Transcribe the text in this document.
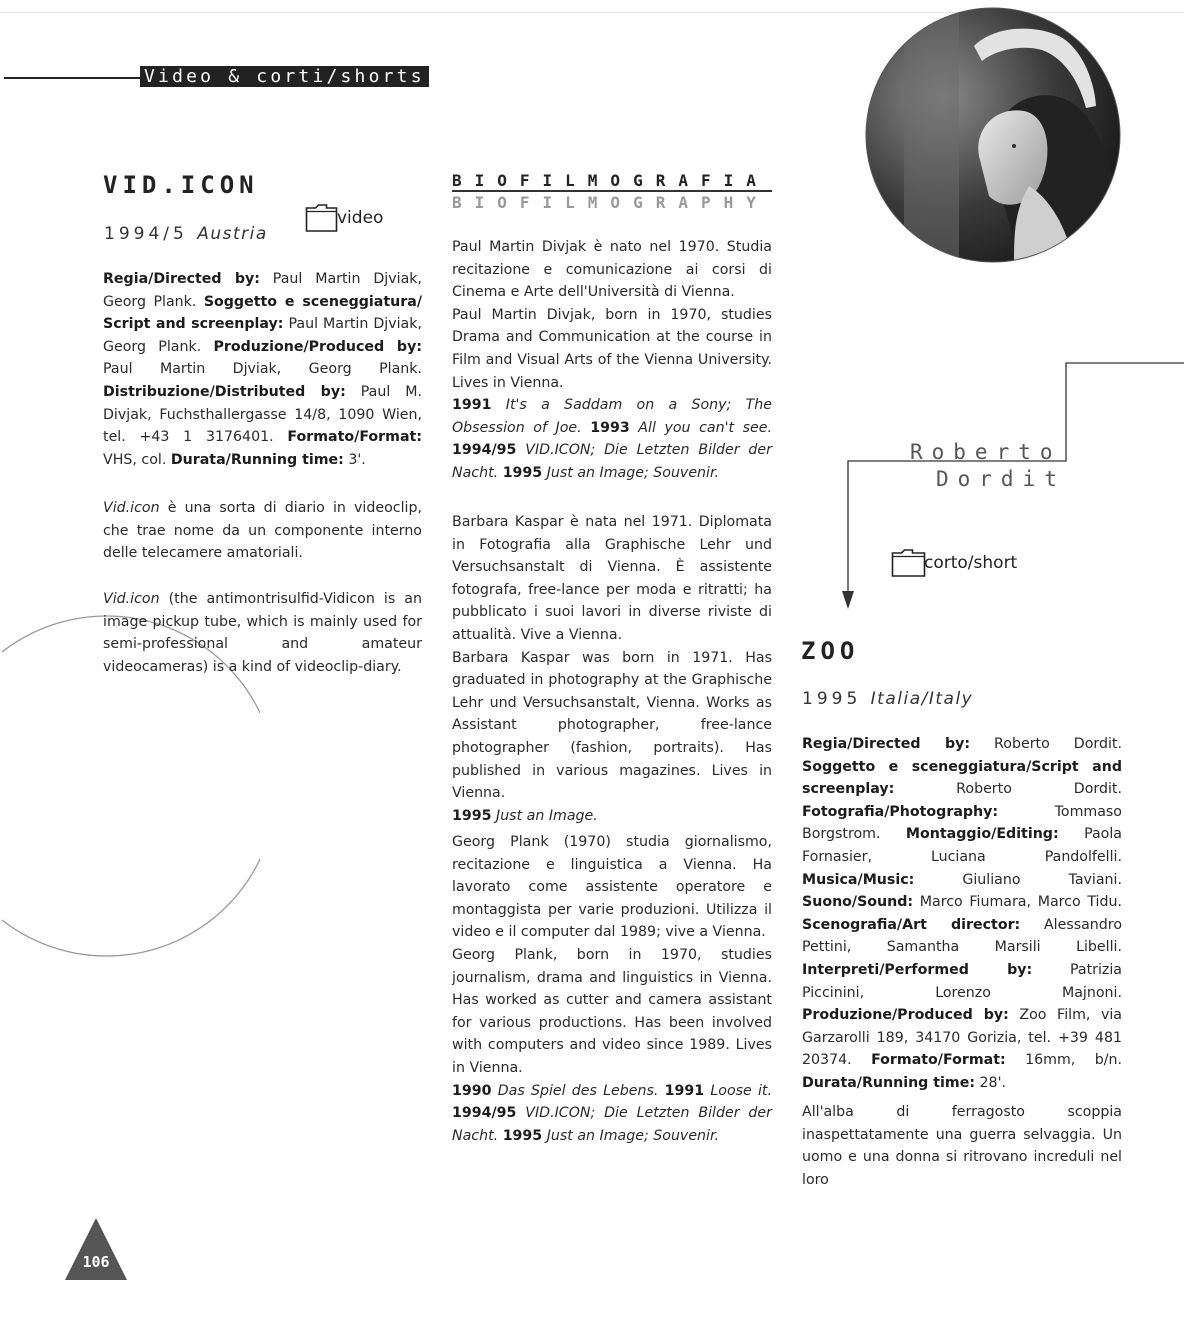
Video & corti/shorts
VID.ICON
1994/5 Austria
video

Regia/Directed by: Paul Martin Djviak, Georg Plank. Soggetto e sceneggiatura/ Script and screenplay: Paul Martin Djviak, Georg Plank. Produzione/Produced by: Paul Martin Djviak, Georg Plank. Distribuzione/Distributed by: Paul M. Divjak, Fuchsthallergasse 14/8, 1090 Wien, tel. +43 1 3176401. Formato/Format: VHS, col. Durata/Running time: 3'.

Vid.icon è una sorta di diario in videoclip, che trae nome da un componente interno delle telecamere amatoriali.
Vid.icon (the antimontrisulfid-Vidicon is an image pickup tube, which is mainly used for semi-professional and amateur videocameras) is a kind of videoclip-diary.
BIOFILMOGRAFIA
BIOFILMOGRAPHY

Paul Martin Divjak è nato nel 1970. Studia recitazione e comunicazione ai corsi di Cinema e Arte dell'Università di Vienna.

Paul Martin Divjak, born in 1970, studies Drama and Communication at the course in Film and Visual Arts of the Vienna University. Lives in Vienna.

1991 It's a Saddam on a Sony; The Obsession of Joe. 1993 All you can't see. 1994/95 VID.ICON; Die Letzten Bilder der Nacht. 1995 Just an Image; Souvenir.

Barbara Kaspar è nata nel 1971. Diplomata in Fotografia alla Graphische Lehr und Versuchsanstalt di Vienna. È assistente fotografa, free-lance per moda e ritratti; ha pubblicato i suoi lavori in diverse riviste di attualità. Vive a Vienna.

Barbara Kaspar was born in 1971. Has graduated in photography at the Graphische Lehr und Versuchsanstalt, Vienna. Works as Assistant photographer, free-lance photographer (fashion, portraits). Has published in various magazines. Lives in Vienna.

1995 Just an Image.

Georg Plank (1970) studia giornalismo, recitazione e linguistica a Vienna. Ha lavorato come assistente operatore e montaggista per varie produzioni. Utilizza il video e il computer dal 1989; vive a Vienna.

Georg Plank, born in 1970, studies journalism, drama and linguistics in Vienna. Has worked as cutter and camera assistant for various productions. Has been involved with computers and video since 1989. Lives in Vienna.

1990 Das Spiel des Lebens. 1991 Loose it. 1994/95 VID.ICON; Die Letzten Bilder der Nacht. 1995 Just an Image; Souvenir.

Roberto
Dordit
corto/short
ZOO
1995 Italia/Italy

Regia/Directed by: Roberto Dordit. Soggetto e sceneggiatura/Script and screenplay: Roberto Dordit. Fotografia/Photography: Tommaso Borgstrom. Montaggio/Editing: Paola Fornasier, Luciana Pandolfelli. Musica/Music: Giuliano Taviani. Suono/Sound: Marco Fiumara, Marco Tidu. Scenografia/Art director: Alessandro Pettini, Samantha Marsili Libelli. Interpreti/Performed by: Patrizia Piccinini, Lorenzo Majnoni. Produzione/Produced by: Zoo Film, via Garzarolli 189, 34170 Gorizia, tel. +39 481 20374. Formato/Format: 16mm, b/n. Durata/Running time: 28'.

All'alba di ferragosto scoppia inaspettatamente una guerra selvaggia. Un uomo e una donna si ritrovano increduli nel loro
106
